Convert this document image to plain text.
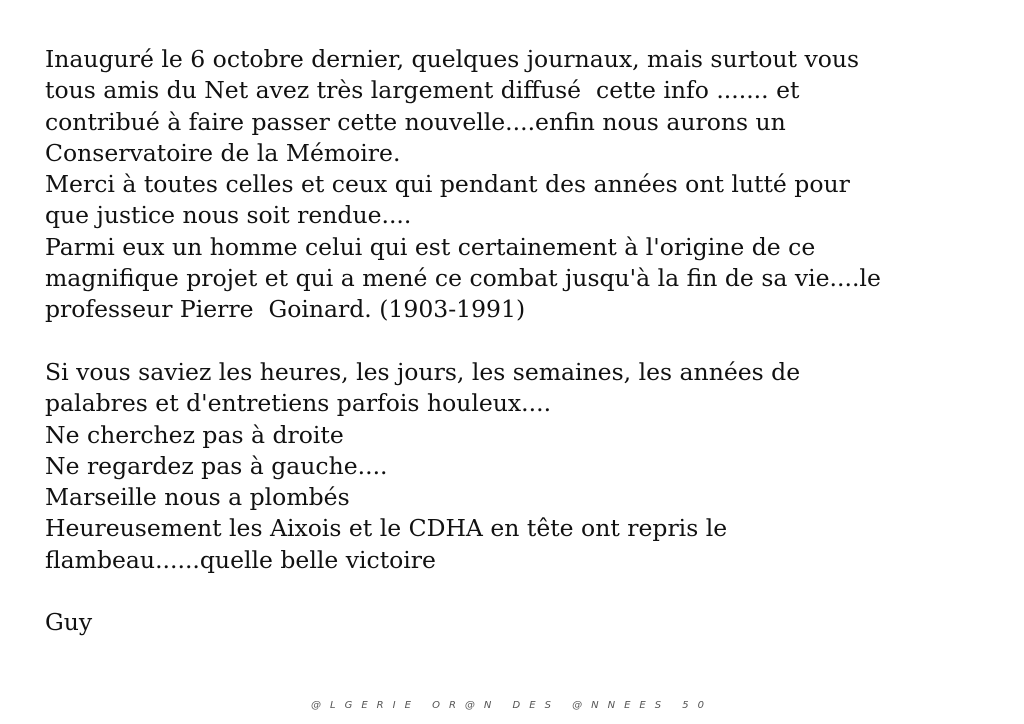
Inauguré le 6 octobre dernier, quelques journaux, mais surtout vous
tous amis du Net avez très largement diffusé  cette info ....... et
contribué à faire passer cette nouvelle....enfin nous aurons un
Conservatoire de la Mémoire.
Merci à toutes celles et ceux qui pendant des années ont lutté pour
que justice nous soit rendue....
Parmi eux un homme celui qui est certainement à l'origine de ce
magnifique projet et qui a mené ce combat jusqu'à la fin de sa vie....le
professeur Pierre  Goinard. (1903-1991)
Si vous saviez les heures, les jours, les semaines, les années de
palabres et d'entretiens parfois houleux....
Ne cherchez pas à droite
Ne regardez pas à gauche....
Marseille nous a plombés
Heureusement les Aixois et le CDHA en tête ont repris le
flambeau......quelle belle victoire
Guy
@LGERIE OR@N DES @NNEES 50
